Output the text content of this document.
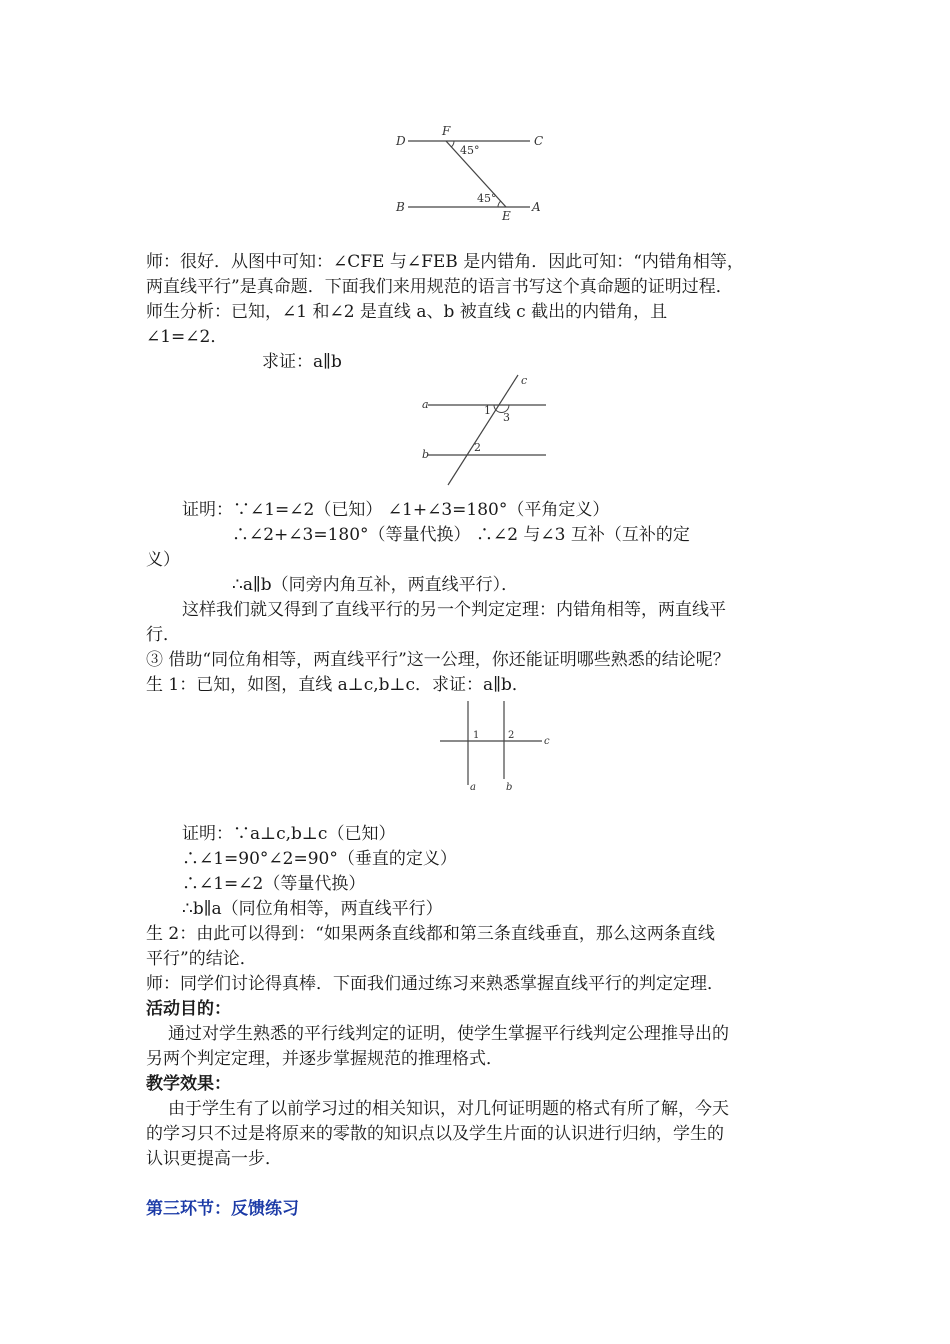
D
F
C
45°
45°
B
E
A
师：很好．从图中可知：∠CFE 与∠FEB 是内错角．因此可知：“内错角相等，
两直线平行”是真命题．下面我们来用规范的语言书写这个真命题的证明过程．
师生分析：已知，∠1 和∠2 是直线 a、b 被直线 c 截出的内错角，且
∠1=∠2．
求证：a∥b
a
b
c
1
3
2
证明：∵∠1=∠2（已知） ∠1+∠3=180°（平角定义）
∴∠2+∠3=180°（等量代换） ∴∠2 与∠3 互补（互补的定
义）
∴a∥b（同旁内角互补，两直线平行）．
这样我们就又得到了直线平行的另一个判定定理：内错角相等，两直线平
行．
③ 借助“同位角相等，两直线平行”这一公理，你还能证明哪些熟悉的结论呢？
生 1：已知，如图，直线 a⊥c,b⊥c．求证：a∥b．
1	2
c
a	b
证明：∵a⊥c,b⊥c（已知）
∴∠1=90°∠2=90°（垂直的定义）
∴∠1=∠2（等量代换）
∴b∥a（同位角相等，两直线平行）
生 2：由此可以得到：“如果两条直线都和第三条直线垂直，那么这两条直线
平行”的结论．
师：同学们讨论得真棒．下面我们通过练习来熟悉掌握直线平行的判定定理．
活动目的：
通过对学生熟悉的平行线判定的证明，使学生掌握平行线判定公理推导出的
另两个判定定理，并逐步掌握规范的推理格式．
教学效果：
由于学生有了以前学习过的相关知识，对几何证明题的格式有所了解，今天
的学习只不过是将原来的零散的知识点以及学生片面的认识进行归纳，学生的
认识更提高一步．
第三环节：反馈练习
